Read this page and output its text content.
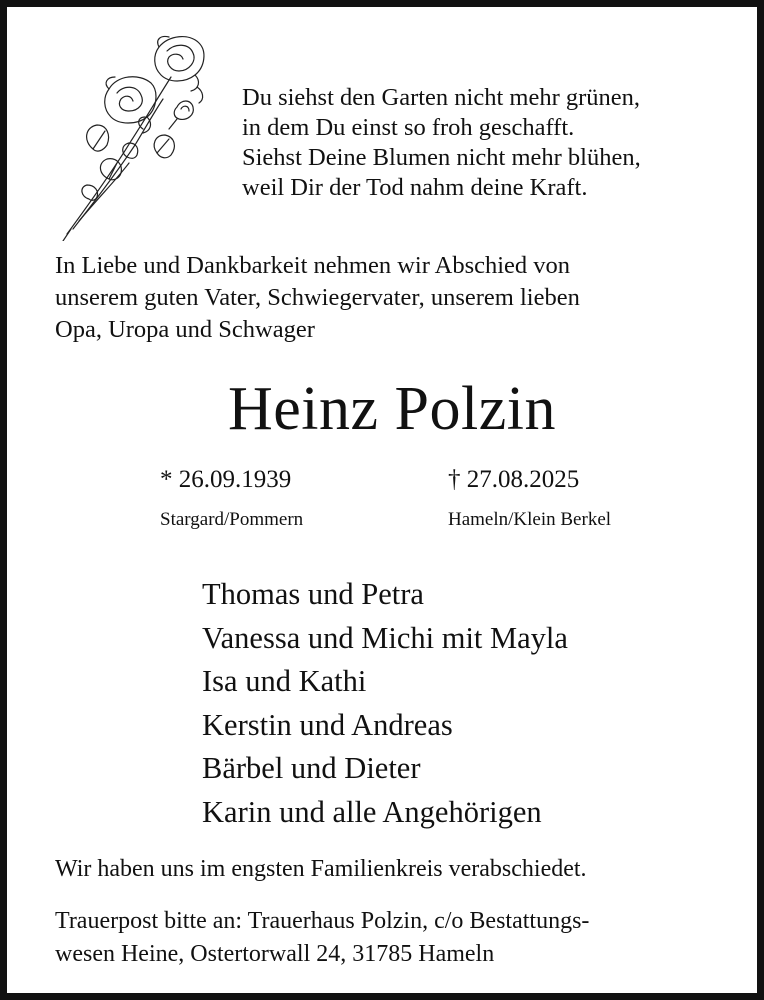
Du siehst den Garten nicht mehr grünen,
in dem Du einst so froh geschafft.
Siehst Deine Blumen nicht mehr blühen,
weil Dir der Tod nahm deine Kraft.
In Liebe und Dankbarkeit nehmen wir Abschied von
unserem guten Vater, Schwiegervater, unserem lieben
Opa, Uropa und Schwager
Heinz Polzin
* 26.09.1939
Stargard/Pommern
† 27.08.2025
Hameln/Klein Berkel
Thomas und Petra
Vanessa und Michi mit Mayla
Isa und Kathi
Kerstin und Andreas
Bärbel und Dieter
Karin und alle Angehörigen
Wir haben uns im engsten Familienkreis verabschiedet.
Trauerpost bitte an: Trauerhaus Polzin, c/o Bestattungs-
wesen Heine, Ostertorwall 24, 31785 Hameln
